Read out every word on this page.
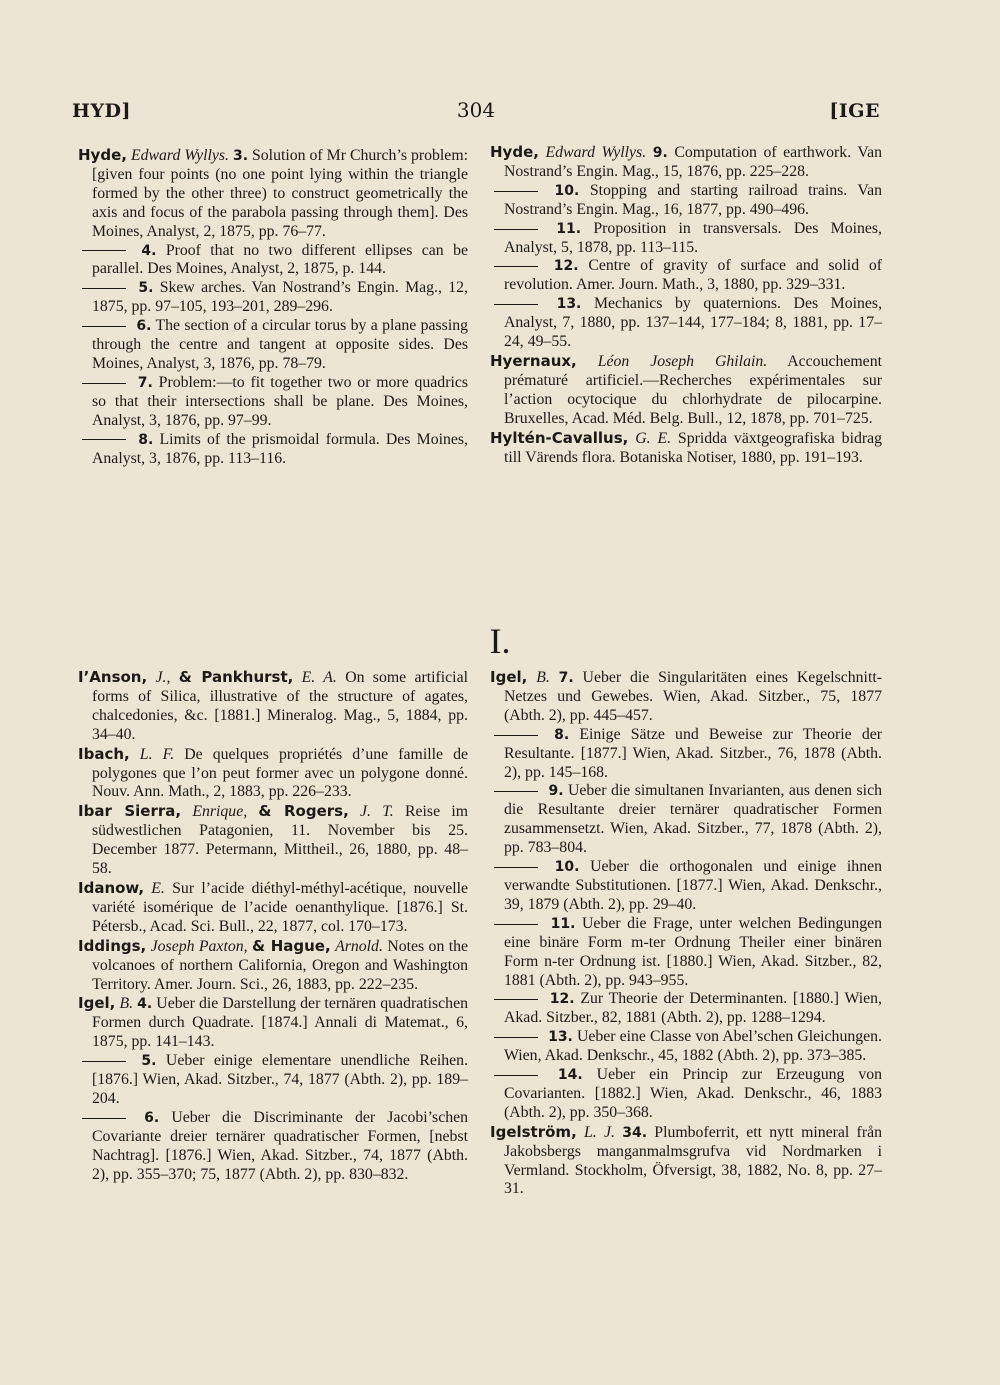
HYD]	304	[IGE
Hyde, Edward Wyllys. 3. Solution of Mr Church’s problem: [given four points (no one point lying within the triangle formed by the other three) to construct geometrically the axis and focus of the parabola passing through them]. Des Moines, Analyst, 2, 1875, pp. 76–77.
4. Proof that no two different ellipses can be parallel. Des Moines, Analyst, 2, 1875, p. 144.
5. Skew arches. Van Nostrand’s Engin. Mag., 12, 1875, pp. 97–105, 193–201, 289–296.
6. The section of a circular torus by a plane passing through the centre and tangent at opposite sides. Des Moines, Analyst, 3, 1876, pp. 78–79.
7. Problem:—to fit together two or more quadrics so that their intersections shall be plane. Des Moines, Analyst, 3, 1876, pp. 97–99.
8. Limits of the prismoidal formula. Des Moines, Analyst, 3, 1876, pp. 113–116.
Hyde, Edward Wyllys. 9. Computation of earthwork. Van Nostrand’s Engin. Mag., 15, 1876, pp. 225–228.
10. Stopping and starting railroad trains. Van Nostrand’s Engin. Mag., 16, 1877, pp. 490–496.
11. Proposition in transversals. Des Moines, Analyst, 5, 1878, pp. 113–115.
12. Centre of gravity of surface and solid of revolution. Amer. Journ. Math., 3, 1880, pp. 329–331.
13. Mechanics by quaternions. Des Moines, Analyst, 7, 1880, pp. 137–144, 177–184; 8, 1881, pp. 17–24, 49–55.
Hyernaux, Léon Joseph Ghilain. Accouchement prématuré artificiel.—Recherches expérimentales sur l’action ocytocique du chlorhydrate de pilocarpine. Bruxelles, Acad. Méd. Belg. Bull., 12, 1878, pp. 701–725.
Hyltén-Cavallus, G. E. Spridda växtgeografiska bidrag till Värends flora. Botaniska Notiser, 1880, pp. 191–193.
I.
I’Anson, J., & Pankhurst, E. A. On some artificial forms of Silica, illustrative of the structure of agates, chalcedonies, &c. [1881.] Mineralog. Mag., 5, 1884, pp. 34–40.
Ibach, L. F. De quelques propriétés d’une famille de polygones que l’on peut former avec un polygone donné. Nouv. Ann. Math., 2, 1883, pp. 226–233.
Ibar Sierra, Enrique, & Rogers, J. T. Reise im südwestlichen Patagonien, 11. November bis 25. December 1877. Petermann, Mittheil., 26, 1880, pp. 48–58.
Idanow, E. Sur l’acide diéthyl-méthyl-acétique, nouvelle variété isomérique de l’acide oenanthylique. [1876.] St. Pétersb., Acad. Sci. Bull., 22, 1877, col. 170–173.
Iddings, Joseph Paxton, & Hague, Arnold. Notes on the volcanoes of northern California, Oregon and Washington Territory. Amer. Journ. Sci., 26, 1883, pp. 222–235.
Igel, B. 4. Ueber die Darstellung der ternären quadratischen Formen durch Quadrate. [1874.] Annali di Matemat., 6, 1875, pp. 141–143.
5. Ueber einige elementare unendliche Reihen. [1876.] Wien, Akad. Sitzber., 74, 1877 (Abth. 2), pp. 189–204.
6. Ueber die Discriminante der Jacobi’schen Covariante dreier ternärer quadratischer Formen, [nebst Nachtrag]. [1876.] Wien, Akad. Sitzber., 74, 1877 (Abth. 2), pp. 355–370; 75, 1877 (Abth. 2), pp. 830–832.
Igel, B. 7. Ueber die Singularitäten eines Kegelschnitt-Netzes und Gewebes. Wien, Akad. Sitzber., 75, 1877 (Abth. 2), pp. 445–457.
8. Einige Sätze und Beweise zur Theorie der Resultante. [1877.] Wien, Akad. Sitzber., 76, 1878 (Abth. 2), pp. 145–168.
9. Ueber die simultanen Invarianten, aus denen sich die Resultante dreier ternärer quadratischer Formen zusammensetzt. Wien, Akad. Sitzber., 77, 1878 (Abth. 2), pp. 783–804.
10. Ueber die orthogonalen und einige ihnen verwandte Substitutionen. [1877.] Wien, Akad. Denkschr., 39, 1879 (Abth. 2), pp. 29–40.
11. Ueber die Frage, unter welchen Bedingungen eine binäre Form m-ter Ordnung Theiler einer binären Form n-ter Ordnung ist. [1880.] Wien, Akad. Sitzber., 82, 1881 (Abth. 2), pp. 943–955.
12. Zur Theorie der Determinanten. [1880.] Wien, Akad. Sitzber., 82, 1881 (Abth. 2), pp. 1288–1294.
13. Ueber eine Classe von Abel’schen Gleichungen. Wien, Akad. Denkschr., 45, 1882 (Abth. 2), pp. 373–385.
14. Ueber ein Princip zur Erzeugung von Covarianten. [1882.] Wien, Akad. Denkschr., 46, 1883 (Abth. 2), pp. 350–368.
Igelström, L. J. 34. Plumboferrit, ett nytt mineral från Jakobsbergs manganmalmsgrufva vid Nordmarken i Vermland. Stockholm, Öfversigt, 38, 1882, No. 8, pp. 27–31.
